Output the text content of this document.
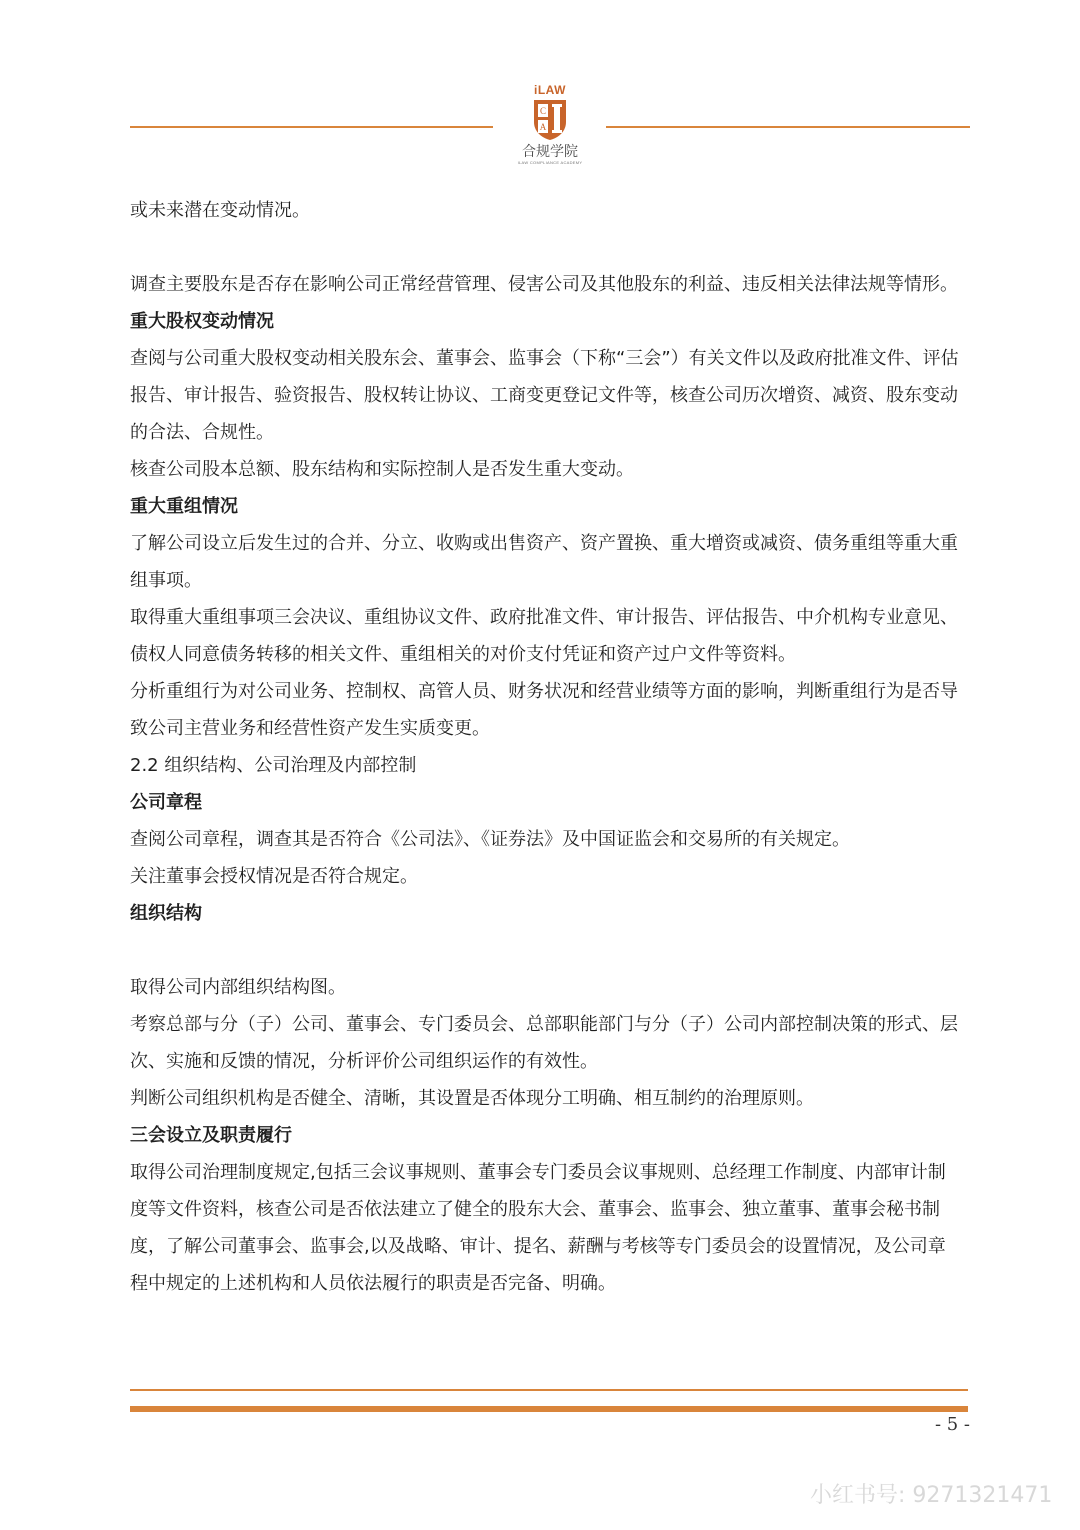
iLAW
C
A
合规学院
ILAW COMPLIANCE ACADEMY

或未来潜在变动情况。

调查主要股东是否存在影响公司正常经营管理、侵害公司及其他股东的利益、违反相关法律法规等情形。

重大股权变动情况

查阅与公司重大股权变动相关股东会、董事会、监事会（下称“三会”）有关文件以及政府批准文件、评估报告、审计报告、验资报告、股权转让协议、工商变更登记文件等，核查公司历次增资、减资、股东变动的合法、合规性。

核查公司股本总额、股东结构和实际控制人是否发生重大变动。

重大重组情况

了解公司设立后发生过的合并、分立、收购或出售资产、资产置换、重大增资或减资、债务重组等重大重组事项。

取得重大重组事项三会决议、重组协议文件、政府批准文件、审计报告、评估报告、中介机构专业意见、债权人同意债务转移的相关文件、重组相关的对价支付凭证和资产过户文件等资料。

分析重组行为对公司业务、控制权、高管人员、财务状况和经营业绩等方面的影响，判断重组行为是否导致公司主营业务和经营性资产发生实质变更。

2.2 组织结构、公司治理及内部控制

公司章程

查阅公司章程，调查其是否符合《公司法》、《证券法》及中国证监会和交易所的有关规定。

关注董事会授权情况是否符合规定。

组织结构

取得公司内部组织结构图。

考察总部与分（子）公司、董事会、专门委员会、总部职能部门与分（子）公司内部控制决策的形式、层次、实施和反馈的情况，分析评价公司组织运作的有效性。

判断公司组织机构是否健全、清晰，其设置是否体现分工明确、相互制约的治理原则。

三会设立及职责履行

取得公司治理制度规定,包括三会议事规则、董事会专门委员会议事规则、总经理工作制度、内部审计制度等文件资料，核查公司是否依法建立了健全的股东大会、董事会、监事会、独立董事、董事会秘书制度，了解公司董事会、监事会,以及战略、审计、提名、薪酬与考核等专门委员会的设置情况，及公司章程中规定的上述机构和人员依法履行的职责是否完备、明确。

- 5 -
小红书号: 9271321471
